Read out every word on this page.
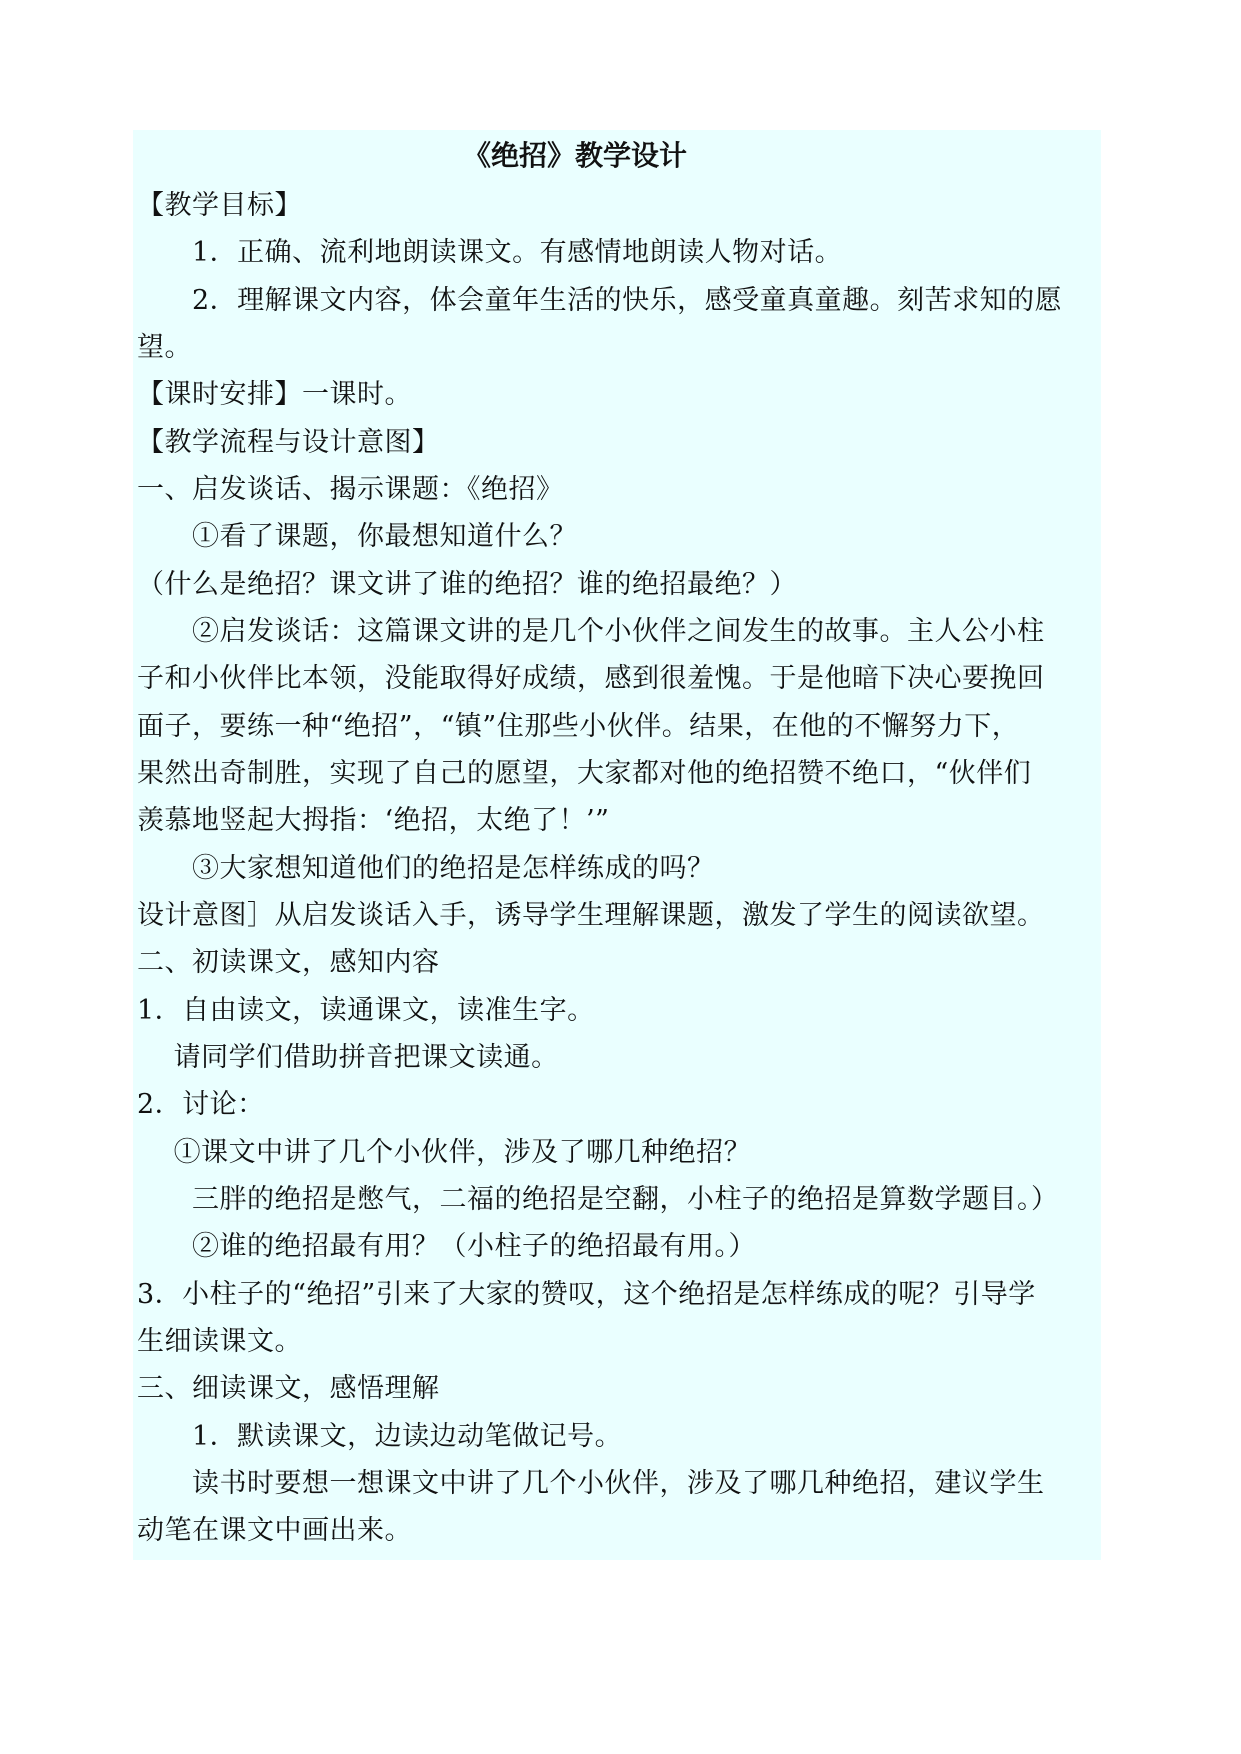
《绝招》教学设计
【教学目标】
　　1．正确、流利地朗读课文。有感情地朗读人物对话。
　　2．理解课文内容，体会童年生活的快乐，感受童真童趣。刻苦求知的愿
望。
【课时安排】一课时。
【教学流程与设计意图】
一、启发谈话、揭示课题：《绝招》
　　①看了课题，你最想知道什么？
（什么是绝招？课文讲了谁的绝招？谁的绝招最绝？）
　　②启发谈话：这篇课文讲的是几个小伙伴之间发生的故事。主人公小柱
子和小伙伴比本领，没能取得好成绩，感到很羞愧。于是他暗下决心要挽回
面子，要练一种“绝招”，“镇”住那些小伙伴。结果，在他的不懈努力下，
果然出奇制胜，实现了自己的愿望，大家都对他的绝招赞不绝口，“伙伴们
羡慕地竖起大拇指：‘绝招，太绝了！’”
　　③大家想知道他们的绝招是怎样练成的吗？
设计意图］从启发谈话入手，诱导学生理解课题，激发了学生的阅读欲望。
二、初读课文，感知内容
1．自由读文，读通课文，读准生字。
　 请同学们借助拼音把课文读通。
2．讨论：
　 ①课文中讲了几个小伙伴，涉及了哪几种绝招？
　　三胖的绝招是憋气，二福的绝招是空翻，小柱子的绝招是算数学题目。）
　　②谁的绝招最有用？（小柱子的绝招最有用。）
3．小柱子的“绝招”引来了大家的赞叹，这个绝招是怎样练成的呢？引导学
生细读课文。
三、细读课文，感悟理解
　　1．默读课文，边读边动笔做记号。
　　读书时要想一想课文中讲了几个小伙伴，涉及了哪几种绝招，建议学生
动笔在课文中画出来。
